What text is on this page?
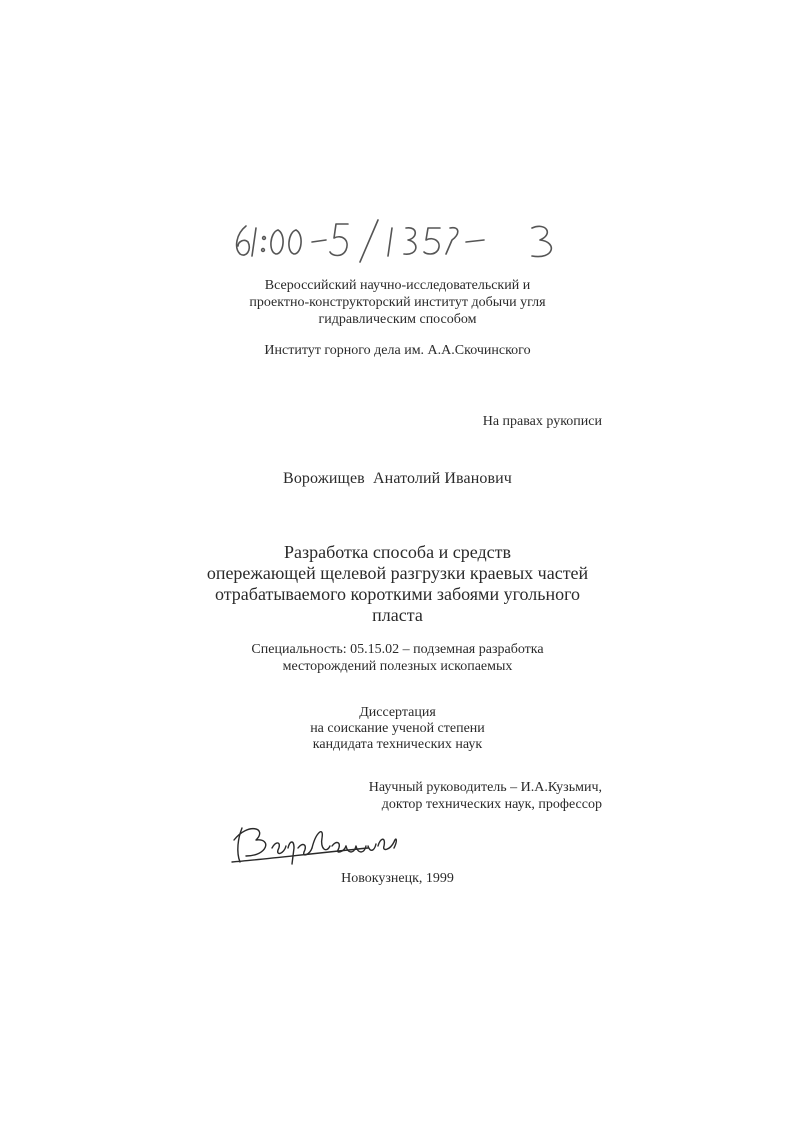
Всероссийский научно-исследовательский и
проектно-конструкторский институт добычи угля
гидравлическим способом
Институт горного дела им. А.А.Скочинского
На правах рукописи
Ворожищев  Анатолий Иванович
Разработка способа и средств
опережающей щелевой разгрузки краевых частей
отрабатываемого короткими забоями угольного
пласта
Специальность: 05.15.02 – подземная разработка
месторождений полезных ископаемых
Диссертация
на соискание ученой степени
кандидата технических наук
Научный руководитель – И.А.Кузьмич,
доктор технических наук, профессор
Новокузнецк, 1999
